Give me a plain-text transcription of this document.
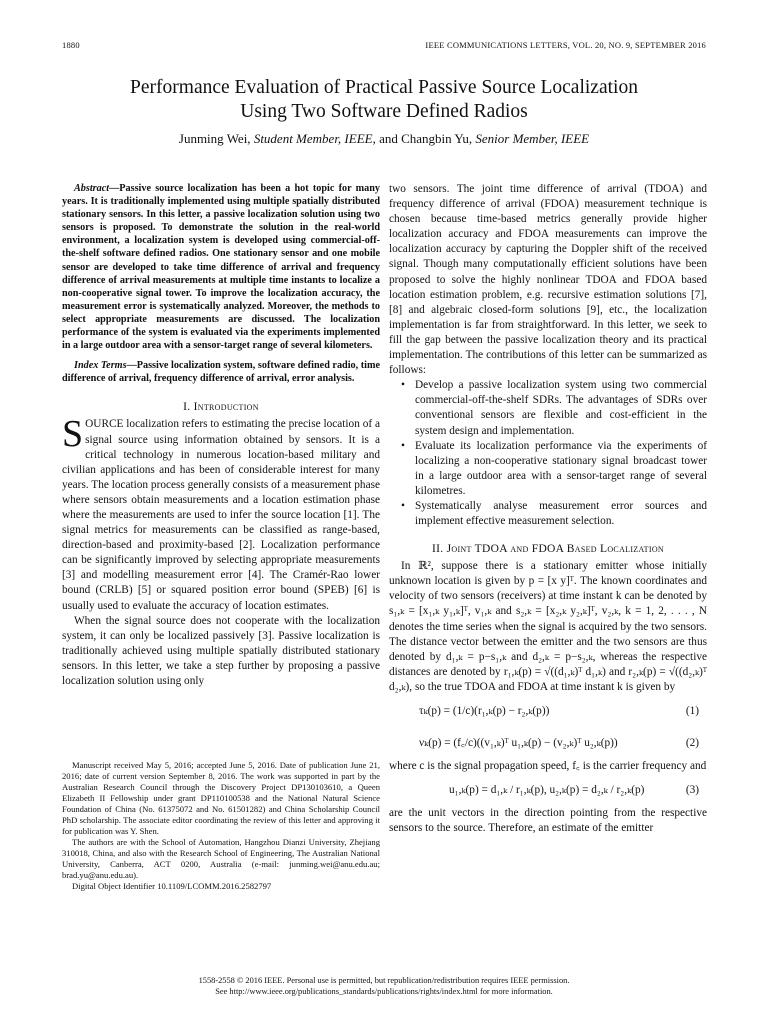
1880	IEEE COMMUNICATIONS LETTERS, VOL. 20, NO. 9, SEPTEMBER 2016
Performance Evaluation of Practical Passive Source Localization
Using Two Software Defined Radios
Junming Wei, Student Member, IEEE, and Changbin Yu, Senior Member, IEEE

Abstract—Passive source localization has been a hot topic for many years. It is traditionally implemented using multiple spatially distributed stationary sensors. In this letter, a passive localization solution using two sensors is proposed. To demonstrate the solution in the real-world environment, a localization system is developed using commercial-off-the-shelf software defined radios. One stationary sensor and one mobile sensor are developed to take time difference of arrival and frequency difference of arrival measurements at multiple time instants to localize a non-cooperative signal tower. To improve the localization accuracy, the measurement error is systematically analyzed. Moreover, the methods to select appropriate measurements are discussed. The localization performance of the system is evaluated via the experiments implemented in a large outdoor area with a sensor-target range of several kilometers.

Index Terms—Passive localization system, software defined radio, time difference of arrival, frequency difference of arrival, error analysis.

I. Introduction

SOURCE localization refers to estimating the precise location of a signal source using information obtained by sensors. It is a critical technology in numerous location-based military and civilian applications and has been of considerable interest for many years. The location process generally consists of a measurement phase where sensors obtain measurements and a location estimation phase where the measurements are used to infer the source location [1]. The signal metrics for measurements can be classified as range-based, direction-based and proximity-based [2]. Localization performance can be significantly improved by selecting appropriate measurements [3] and modelling measurement error [4]. The Cramér-Rao lower bound (CRLB) [5] or squared position error bound (SPEB) [6] is usually used to evaluate the accuracy of location estimates.

When the signal source does not cooperate with the localization system, it can only be localized passively [3]. Passive localization is traditionally achieved using multiple spatially distributed stationary sensors. In this letter, we take a step further by proposing a passive localization solution using only

Manuscript received May 5, 2016; accepted June 5, 2016. Date of publication June 21, 2016; date of current version September 8, 2016. The work was supported in part by the Australian Research Council through the Discovery Project DP130103610, a Queen Elizabeth II Fellowship under grant DP110100538 and the National Natural Science Foundation of China (No. 61375072 and No. 61501282) and China Scholarship Council PhD scholarship. The associate editor coordinating the review of this letter and approving it for publication was Y. Shen.

The authors are with the School of Automation, Hangzhou Dianzi University, Zhejiang 310018, China, and also with the Research School of Engineering, The Australian National University, Canberra, ACT 0200, Australia (e-mail: junming.wei@anu.edu.au; brad.yu@anu.edu.au).

Digital Object Identifier 10.1109/LCOMM.2016.2582797

two sensors. The joint time difference of arrival (TDOA) and frequency difference of arrival (FDOA) measurement technique is chosen because time-based metrics generally provide higher localization accuracy and FDOA measurements can improve the localization accuracy by capturing the Doppler shift of the received signal. Though many computationally efficient solutions have been proposed to solve the highly nonlinear TDOA and FDOA based location estimation problem, e.g. recursive estimation solutions [7], [8] and algebraic closed-form solutions [9], etc., the localization implementation is far from straightforward. In this letter, we seek to fill the gap between the passive localization theory and its practical implementation. The contributions of this letter can be summarized as follows:

• Develop a passive localization system using two commercial commercial-off-the-shelf SDRs. The advantages of SDRs over conventional sensors are flexible and cost-efficient in the system design and implementation.
• Evaluate its localization performance via the experiments of localizing a non-cooperative stationary signal broadcast tower in a large outdoor area with a sensor-target range of several kilometres.
• Systematically analyse measurement error sources and implement effective measurement selection.
II. Joint TDOA and FDOA Based Localization

In ℝ², suppose there is a stationary emitter whose initially unknown location is given by p = [x y]ᵀ. The known coordinates and velocity of two sensors (receivers) at time instant k can be denoted by s₁,ₖ = [x₁,ₖ y₁,ₖ]ᵀ, v₁,ₖ and s₂,ₖ = [x₂,ₖ y₂,ₖ]ᵀ, v₂,ₖ, k = 1, 2, . . . , N denotes the time series when the signal is acquired by the two sensors. The distance vector between the emitter and the two sensors are thus denoted by d₁,ₖ = p−s₁,ₖ and d₂,ₖ = p−s₂,ₖ, whereas the respective distances are denoted by r₁,ₖ(p) = √((d₁,ₖ)ᵀ d₁,ₖ) and r₂,ₖ(p) = √((d₂,ₖ)ᵀ d₂,ₖ), so the true TDOA and FDOA at time instant k is given by

τₖ(p) = (1/c)(r₁,ₖ(p) − r₂,ₖ(p))	(1)
νₖ(p) = (f꜀/c)((v₁,ₖ)ᵀ u₁,ₖ(p) − (v₂,ₖ)ᵀ u₂,ₖ(p))	(2)

where c is the signal propagation speed, f꜀ is the carrier frequency and

u₁,ₖ(p) = d₁,ₖ / r₁,ₖ(p), u₂,ₖ(p) = d₂,ₖ / r₂,ₖ(p)	(3)

are the unit vectors in the direction pointing from the respective sensors to the source. Therefore, an estimate of the emitter

1558-2558 © 2016 IEEE. Personal use is permitted, but republication/redistribution requires IEEE permission.
See http://www.ieee.org/publications_standards/publications/rights/index.html for more information.
